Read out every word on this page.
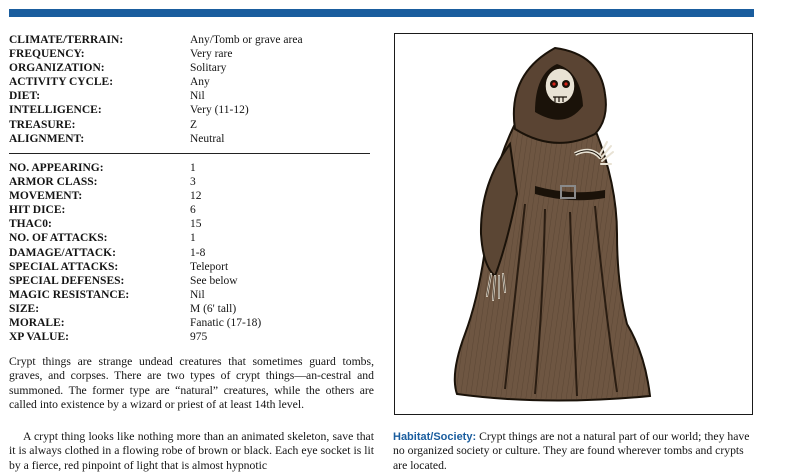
CLIMATE/TERRAIN:	Any/Tomb or grave area
FREQUENCY:	Very rare
ORGANIZATION:	Solitary
ACTIVITY CYCLE:	Any
DIET:	Nil
INTELLIGENCE:	Very (11-12)
TREASURE:	Z
ALIGNMENT:	Neutral
NO. APPEARING:	1
ARMOR CLASS:	3
MOVEMENT:	12
HIT DICE:	6
THAC0:	15
NO. OF ATTACKS:	1
DAMAGE/ATTACK:	1-8
SPECIAL ATTACKS:	Teleport
SPECIAL DEFENSES:	See below
MAGIC RESISTANCE:	Nil
SIZE:	M (6' tall)
MORALE:	Fanatic (17-18)
XP VALUE:	975

Crypt things are strange undead creatures that sometimes guard tombs, graves, and corpses. There are two types of crypt things—an-cestral and summoned. The former type are “natural” creatures, while the others are called into existence by a wizard or priest of at least 14th level.

A crypt thing looks like nothing more than an animated skeleton, save that it is always clothed in a flowing robe of brown or black. Each eye socket is lit by a fierce, red pinpoint of light that is almost hypnotic

Habitat/Society: Crypt things are not a natural part of our world; they have no organized society or culture. They are found wherever tombs and crypts are located.
